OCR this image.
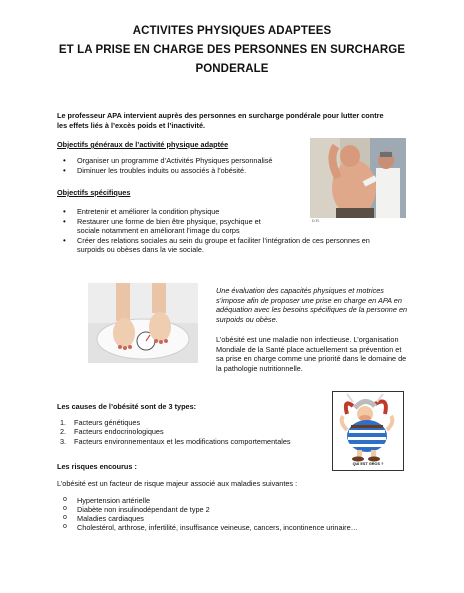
ACTIVITES PHYSIQUES ADAPTEES
ET LA PRISE EN CHARGE DES PERSONNES EN SURCHARGE
PONDERALE
Le professeur APA intervient auprès des personnes en surcharge pondérale pour lutter contre
les effets liés à l’excès poids et l’inactivité.
Objectifs généraux de l’activité physique adaptée
• Organiser un programme d’Activités Physiques personnalisé
• Diminuer les troubles induits ou associés à l’obésité.
Objectifs spécifiques
• Entretenir et améliorer la condition physique
• Restaurer une forme de bien être physique, psychique et
sociale notamment en améliorant l’image du corps
• Créer des relations sociales au sein du groupe et faciliter l’intégration de ces personnes en
surpoids ou obèses dans la vie sociale.
D.R.
Une évaluation des capacités physiques et motrices
s’impose afin de proposer une prise en charge en APA en
adéquation avec les besoins spécifiques de la personne en
surpoids ou obèse.
L’obésité est une maladie non infectieuse. L’organisation
Mondiale de la Santé place actuellement sa prévention et
sa prise en charge comme une priorité dans le domaine de
la pathologie nutritionnelle.
Les causes de l’obésité sont de 3 types:
1. Facteurs génétiques
2. Facteurs endocrinologiques
3. Facteurs environnementaux et les modifications comportementales
QUI EST GROS ?
Les risques encourus :
L’obésité est un facteur de risque majeur associé aux maladies suivantes :
o Hypertension artérielle
o Diabète non insulinodépendant de type 2
o Maladies cardiaques
o Cholestérol, arthrose, infertilité, insuffisance veineuse, cancers, incontinence urinaire…
